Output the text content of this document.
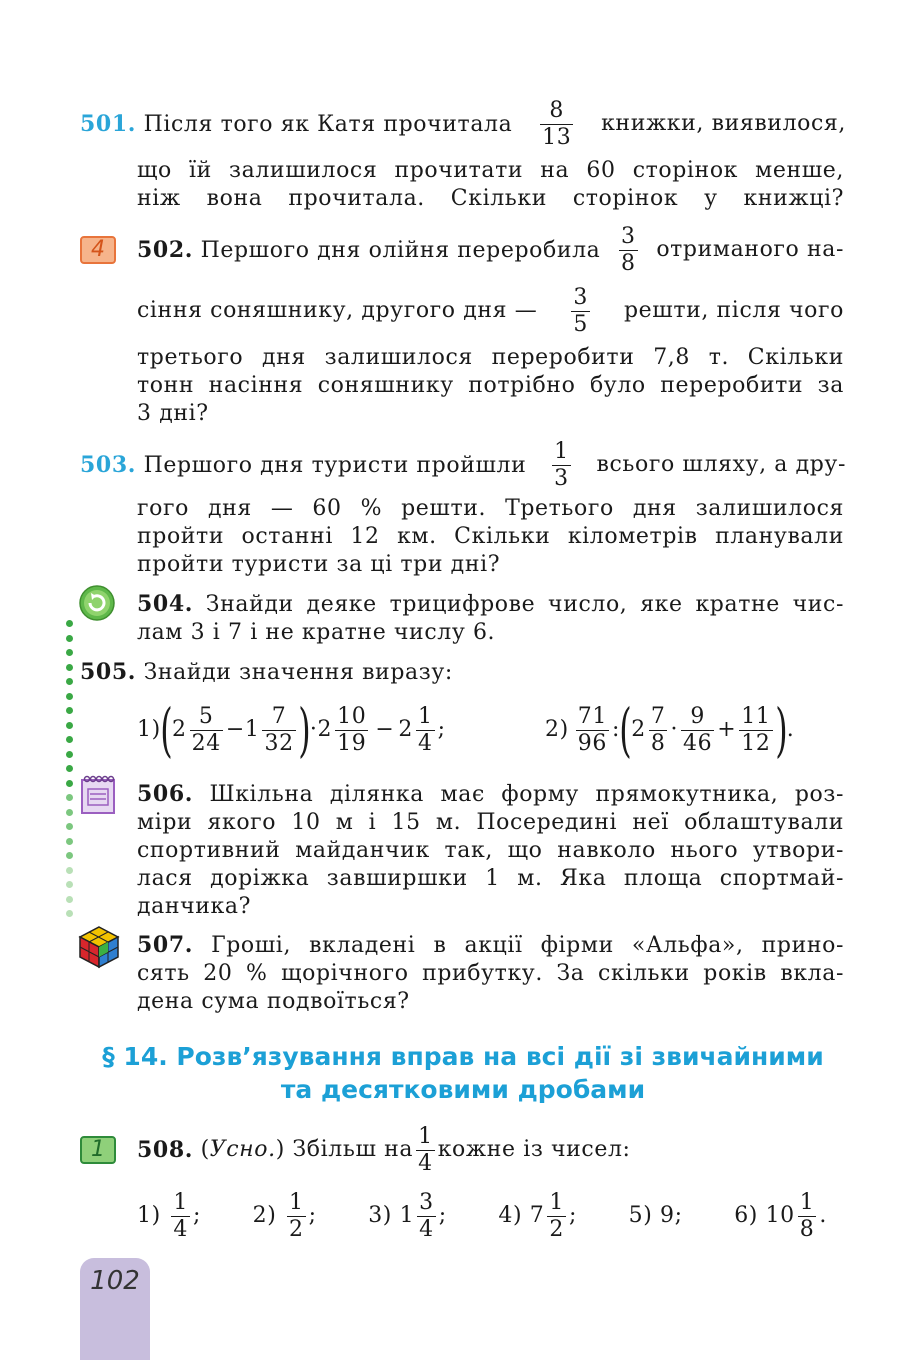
501. Після того як Катя прочитала
8
13
книжки, виявилося,
що їй залишилося прочитати на 60 сторінок менше,
ніж вона прочитала. Скільки сторінок у книжці?
4	502. Першого дня олійня переробила
3
8
отриманого на-
сіння соняшнику, другого дня —
3
5
решти, після чого
третього дня залишилося переробити 7,8 т. Скільки
тонн насіння соняшнику потрібно було переробити за
3 дні?
503. Першого дня туристи пройшли
1
3
всього шляху, а дру-
гого дня — 60 % решти. Третього дня залишилося
пройти останні 12 км. Скільки кілометрів планували
пройти туристи за ці три дні?
504. Знайди деяке трицифрове число, яке кратне чис-
лам 3 і 7 і не кратне числу 6.
505. Знайди значення виразу:
1) ( 2
5
24
− 1
7
32 ) · 2
10
19
− 2
1
4
;	2)
71
96
: ( 2
7
8
·
9
46
+ $\frac{11}{12}$ ) .
506. Шкільна ділянка має форму прямокутника, роз-
міри якого 10 м і 15 м. Посередині неї облаштували
спортивний майданчик так, що навколо нього утвори-
лася доріжка завширшки 1 м. Яка площа спортмай-
данчика?
507. Гроші, вкладені в акції фірми «Альфа», прино-
сять 20 % щорічного прибутку. За скільки років вкла-
дена сума подвоїться?
§ 14. Розв’язування вправ на всі дії зі звичайними
та десятковими дробами
1	508. ( Усно. ) Збільш на
1
4
кожне із чисел:
1)

1
4
; 2)

1
2
; 3)
1
3
4
; 4)
7
1
2
; 5)
9 ; 6)
10
1
8
.
102
